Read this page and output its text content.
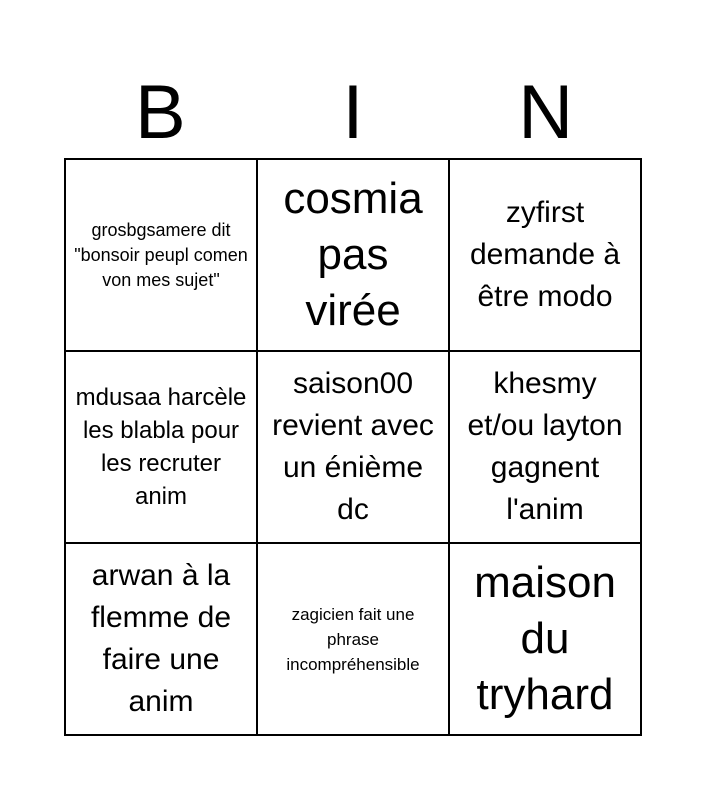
B	I	N
grosbgsamere dit "bonsoir peupl comen von mes sujet"
cosmia pas virée
zyfirst demande à être modo
mdusaa harcèle les blabla pour les recruter anim
saison00 revient avec un énième dc
khesmy et/ou layton gagnent l'anim
arwan à la flemme de faire une anim
zagicien fait une phrase incompréhensible
maison du tryhard
